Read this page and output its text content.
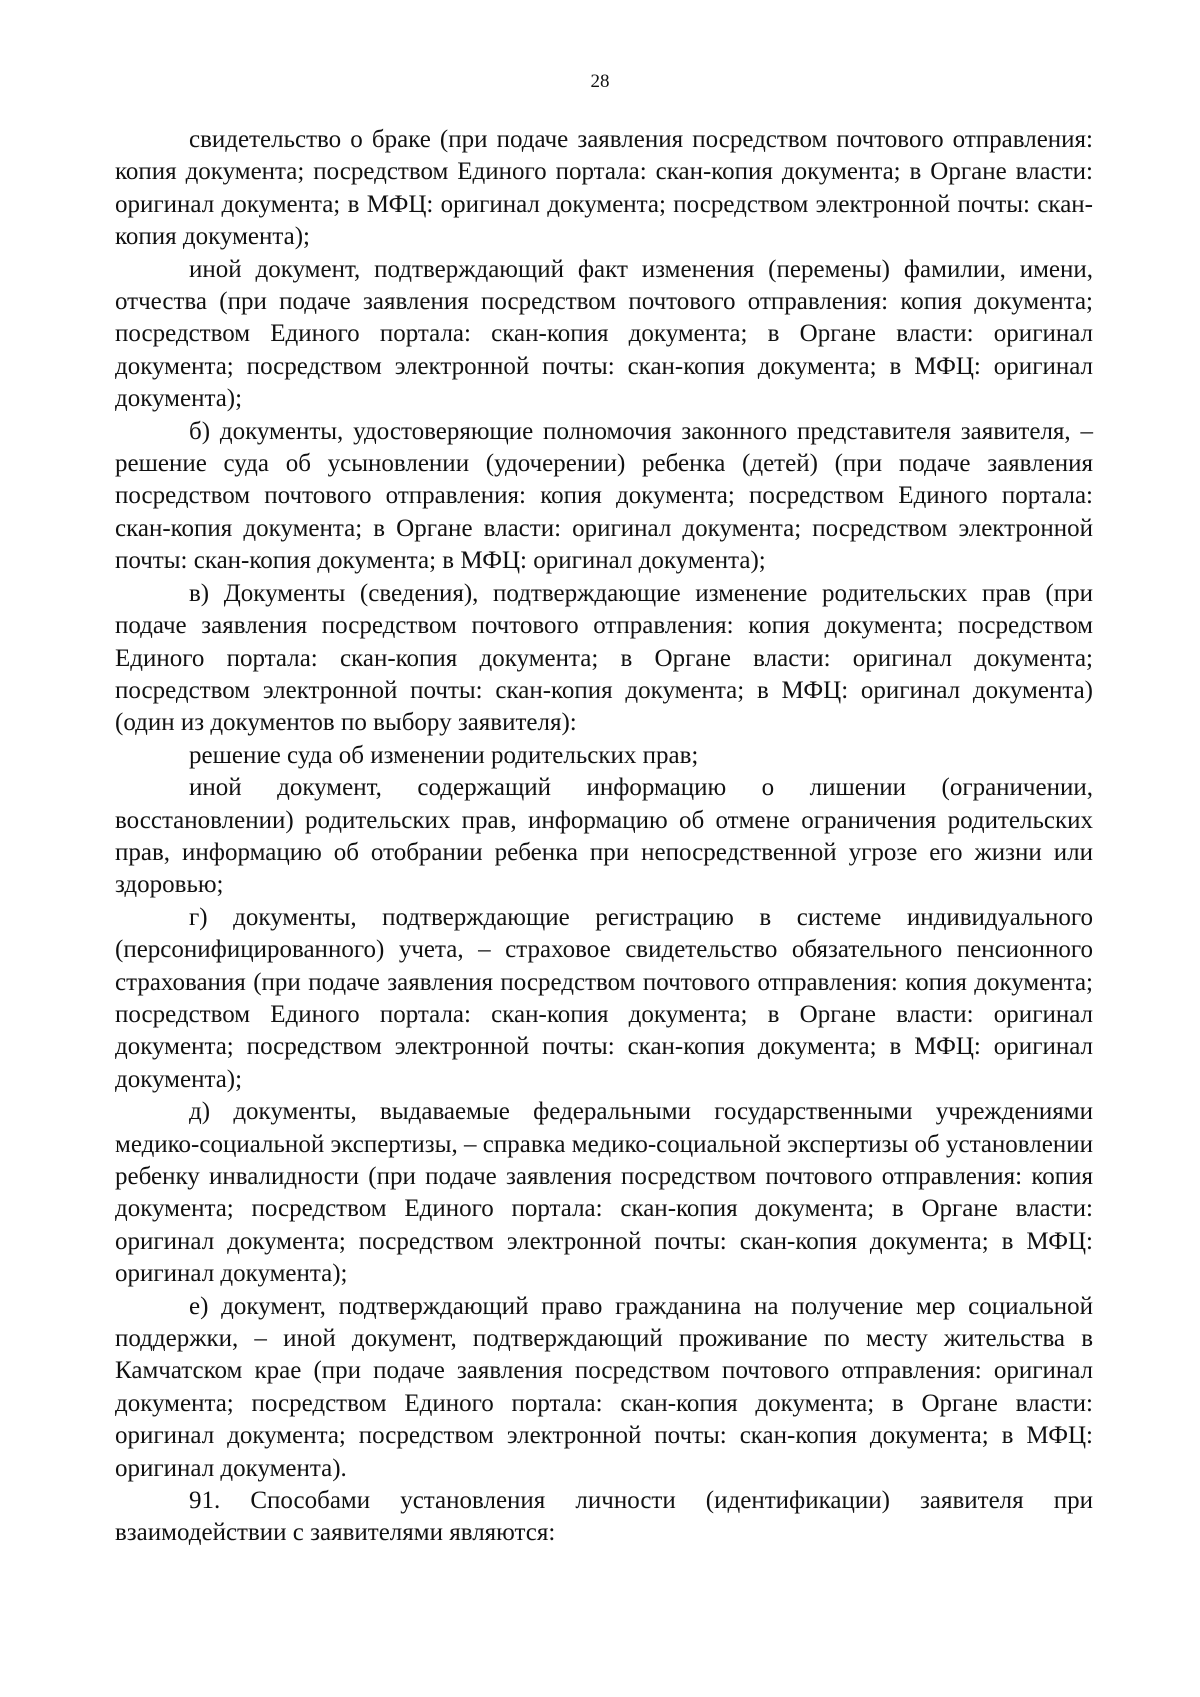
28

свидетельство о браке (при подаче заявления посредством почтового отправления: копия документа; посредством Единого портала: скан-копия документа; в Органе власти: оригинал документа; в МФЦ: оригинал документа; посредством электронной почты: скан-копия документа);

иной документ, подтверждающий факт изменения (перемены) фамилии, имени, отчества (при подаче заявления посредством почтового отправления: копия документа; посредством Единого портала: скан-копия документа; в Органе власти: оригинал документа; посредством электронной почты: скан-копия документа; в МФЦ: оригинал документа);

б) документы, удостоверяющие полномочия законного представителя заявителя, – решение суда об усыновлении (удочерении) ребенка (детей) (при подаче заявления посредством почтового отправления: копия документа; посредством Единого портала: скан-копия документа; в Органе власти: оригинал документа; посредством электронной почты: скан-копия документа; в МФЦ: оригинал документа);

в) Документы (сведения), подтверждающие изменение родительских прав (при подаче заявления посредством почтового отправления: копия документа; посредством Единого портала: скан-копия документа; в Органе власти: оригинал документа; посредством электронной почты: скан-копия документа; в МФЦ: оригинал документа) (один из документов по выбору заявителя):

решение суда об изменении родительских прав;

иной документ, содержащий информацию о лишении (ограничении, восстановлении) родительских прав, информацию об отмене ограничения родительских прав, информацию об отобрании ребенка при непосредственной угрозе его жизни или здоровью;

г) документы, подтверждающие регистрацию в системе индивидуального (персонифицированного) учета, – страховое свидетельство обязательного пенсионного страхования (при подаче заявления посредством почтового отправления: копия документа; посредством Единого портала: скан-копия документа; в Органе власти: оригинал документа; посредством электронной почты: скан-копия документа; в МФЦ: оригинал документа);

д) документы, выдаваемые федеральными государственными учреждениями медико-социальной экспертизы, – справка медико-социальной экспертизы об установлении ребенку инвалидности (при подаче заявления посредством почтового отправления: копия документа; посредством Единого портала: скан-копия документа; в Органе власти: оригинал документа; посредством электронной почты: скан-копия документа; в МФЦ: оригинал документа);

е) документ, подтверждающий право гражданина на получение мер социальной поддержки, – иной документ, подтверждающий проживание по месту жительства в Камчатском крае (при подаче заявления посредством почтового отправления: оригинал документа; посредством Единого портала: скан-копия документа; в Органе власти: оригинал документа; посредством электронной почты: скан-копия документа; в МФЦ: оригинал документа).

91. Способами установления личности (идентификации) заявителя при взаимодействии с заявителями являются:
